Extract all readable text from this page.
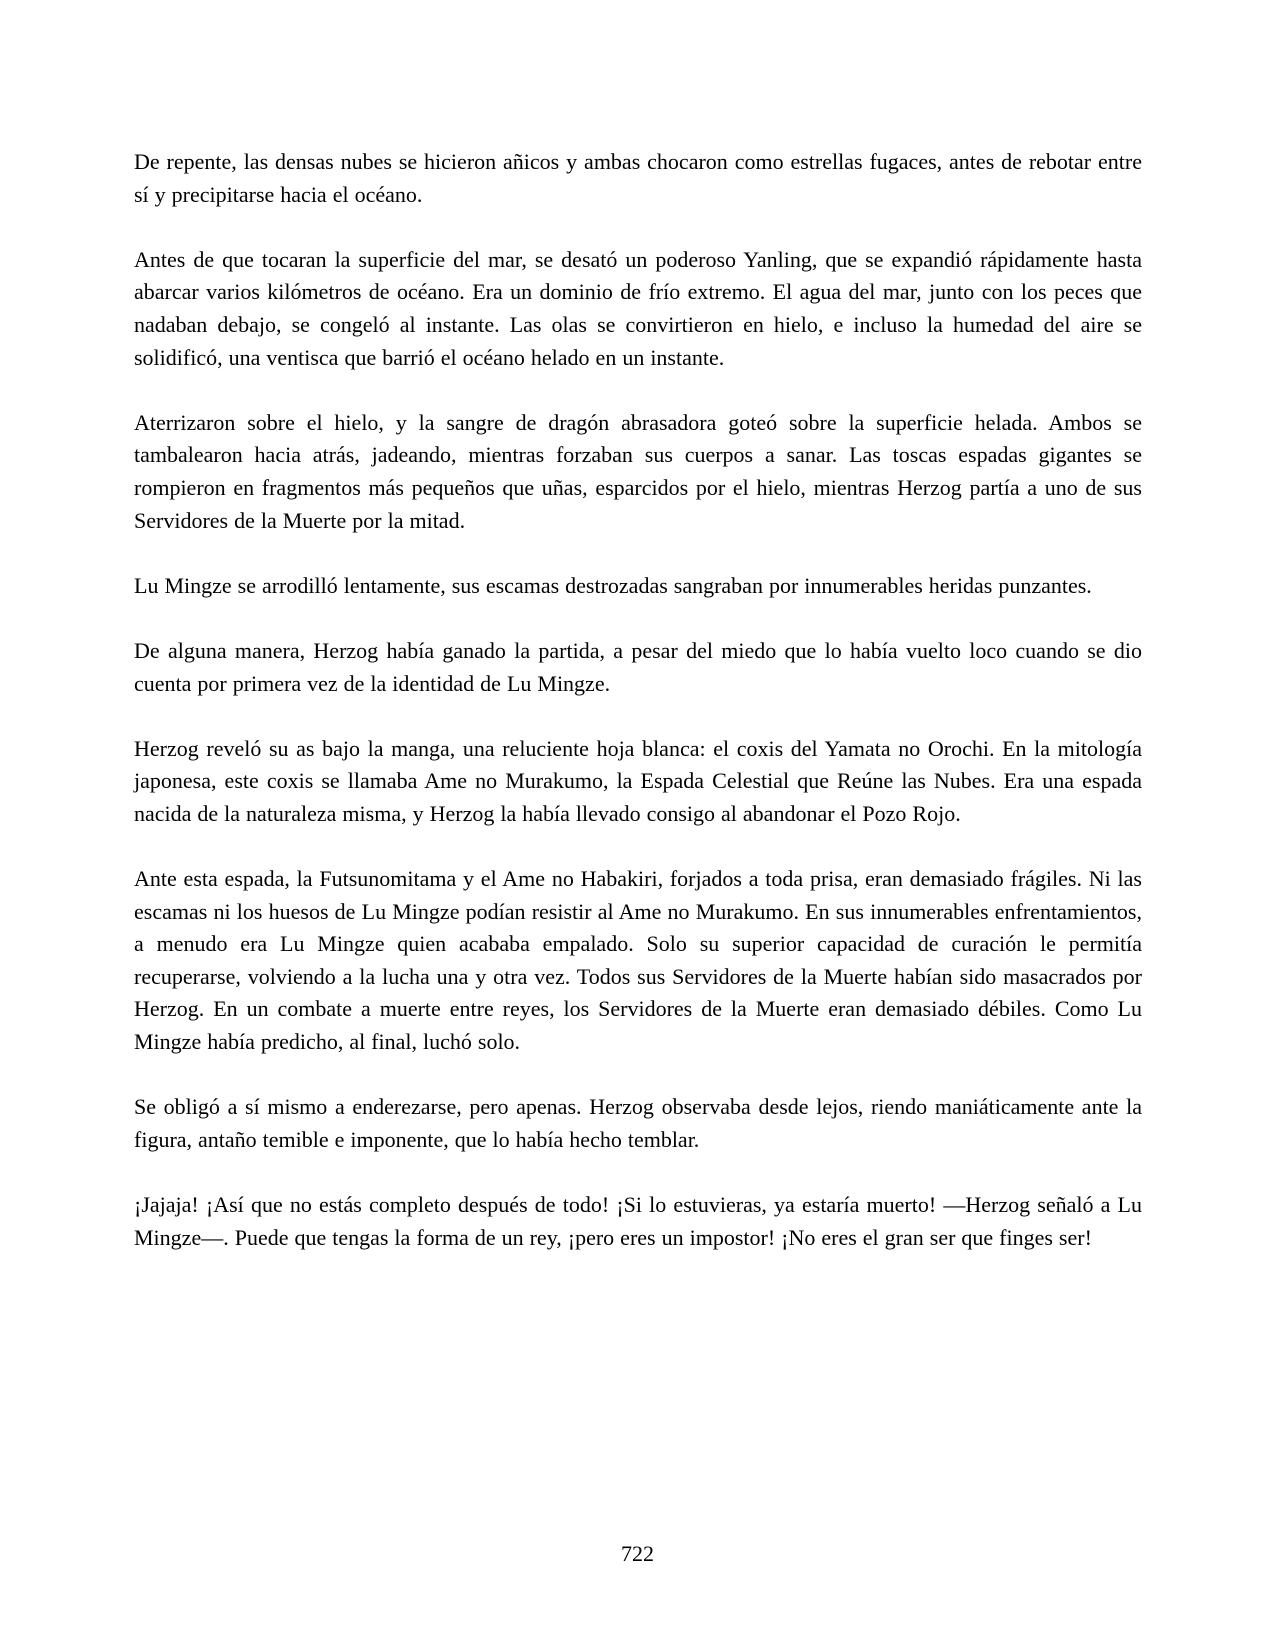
De repente, las densas nubes se hicieron añicos y ambas chocaron como estrellas fugaces, antes de rebotar entre sí y precipitarse hacia el océano.

Antes de que tocaran la superficie del mar, se desató un poderoso Yanling, que se expandió rápidamente hasta abarcar varios kilómetros de océano. Era un dominio de frío extremo. El agua del mar, junto con los peces que nadaban debajo, se congeló al instante. Las olas se convirtieron en hielo, e incluso la humedad del aire se solidificó, una ventisca que barrió el océano helado en un instante.

Aterrizaron sobre el hielo, y la sangre de dragón abrasadora goteó sobre la superficie helada. Ambos se tambalearon hacia atrás, jadeando, mientras forzaban sus cuerpos a sanar. Las toscas espadas gigantes se rompieron en fragmentos más pequeños que uñas, esparcidos por el hielo, mientras Herzog partía a uno de sus Servidores de la Muerte por la mitad.

Lu Mingze se arrodilló lentamente, sus escamas destrozadas sangraban por innumerables heridas punzantes.

De alguna manera, Herzog había ganado la partida, a pesar del miedo que lo había vuelto loco cuando se dio cuenta por primera vez de la identidad de Lu Mingze.

Herzog reveló su as bajo la manga, una reluciente hoja blanca: el coxis del Yamata no Orochi. En la mitología japonesa, este coxis se llamaba Ame no Murakumo, la Espada Celestial que Reúne las Nubes. Era una espada nacida de la naturaleza misma, y Herzog la había llevado consigo al abandonar el Pozo Rojo.

Ante esta espada, la Futsunomitama y el Ame no Habakiri, forjados a toda prisa, eran demasiado frágiles. Ni las escamas ni los huesos de Lu Mingze podían resistir al Ame no Murakumo. En sus innumerables enfrentamientos, a menudo era Lu Mingze quien acababa empalado. Solo su superior capacidad de curación le permitía recuperarse, volviendo a la lucha una y otra vez. Todos sus Servidores de la Muerte habían sido masacrados por Herzog. En un combate a muerte entre reyes, los Servidores de la Muerte eran demasiado débiles. Como Lu Mingze había predicho, al final, luchó solo.

Se obligó a sí mismo a enderezarse, pero apenas. Herzog observaba desde lejos, riendo maniáticamente ante la figura, antaño temible e imponente, que lo había hecho temblar.

¡Jajaja! ¡Así que no estás completo después de todo! ¡Si lo estuvieras, ya estaría muerto! —Herzog señaló a Lu Mingze—. Puede que tengas la forma de un rey, ¡pero eres un impostor! ¡No eres el gran ser que finges ser!

722
